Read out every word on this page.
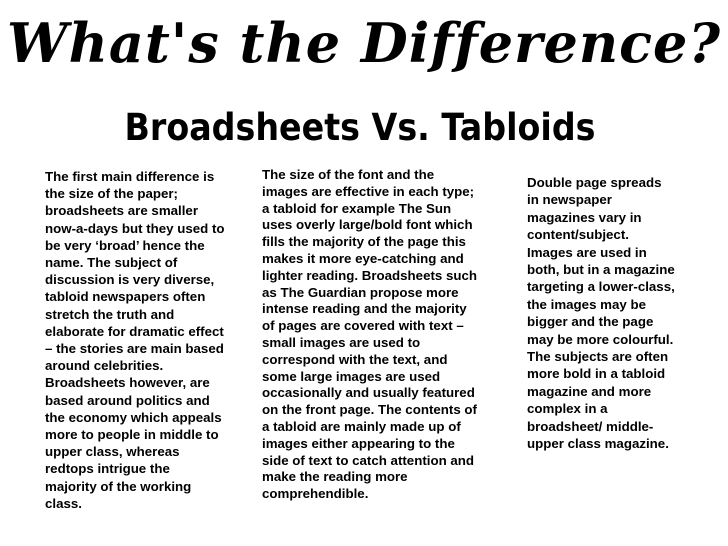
What's the Difference?
Broadsheets Vs. Tabloids

The first main difference is the size of the paper; broadsheets are smaller now-a-days but they used to be very ‘broad’ hence the name. The subject of discussion is very diverse, tabloid newspapers often stretch the truth and elaborate for dramatic effect – the stories are main based around celebrities. Broadsheets however, are based around politics and the economy which appeals more to people in middle to upper class, whereas redtops intrigue the majority of the working class.

The size of the font and the images are effective in each type; a tabloid for example The Sun uses overly large/bold font which fills the majority of the page this makes it more eye-catching and lighter reading. Broadsheets such as The Guardian propose more intense reading and the majority of pages are covered with text – small images are used to correspond with the text, and some large images are used occasionally and usually featured on the front page. The contents of a tabloid are mainly made up of images either appearing to the side of text to catch attention and make the reading more comprehendible.

Double page spreads in newspaper magazines vary in content/subject. Images are used in both, but in a magazine targeting a lower-class, the images may be bigger and the page may be more colourful. The subjects are often more bold in a tabloid magazine and more complex in a broadsheet/ middle-upper class magazine.
